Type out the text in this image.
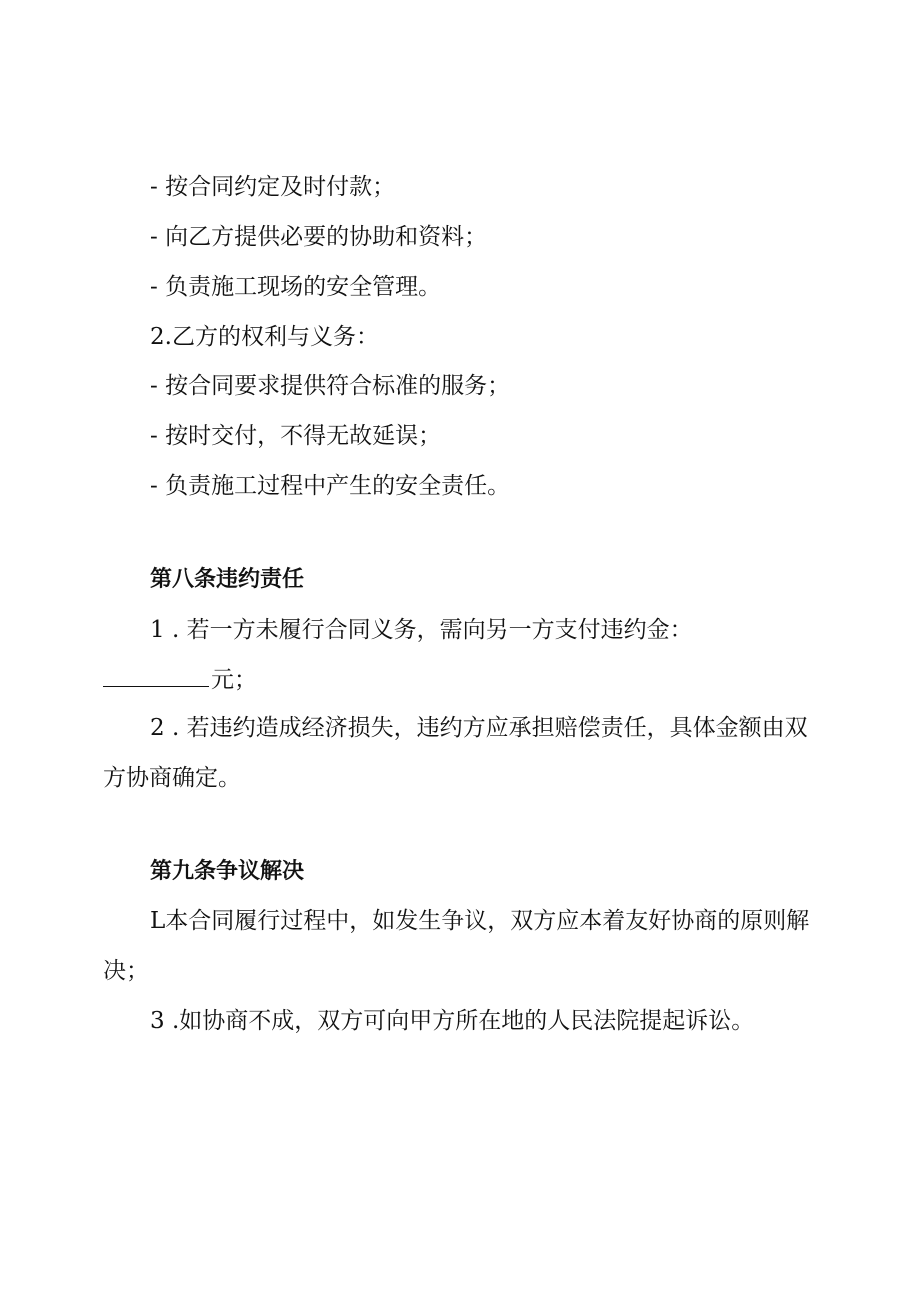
- 按合同约定及时付款；
- 向乙方提供必要的协助和资料；
- 负责施工现场的安全管理。
2.乙方的权利与义务：
- 按合同要求提供符合标准的服务；
- 按时交付，不得无故延误；
- 负责施工过程中产生的安全责任。
第八条违约责任
1 . 若一方未履行合同义务，需向另一方支付违约金：
元；
2 . 若违约造成经济损失，违约方应承担赔偿责任，具体金额由双
方协商确定。
第九条争议解决
L本合同履行过程中，如发生争议，双方应本着友好协商的原则解
决；
3 .如协商不成，双方可向甲方所在地的人民法院提起诉讼。
